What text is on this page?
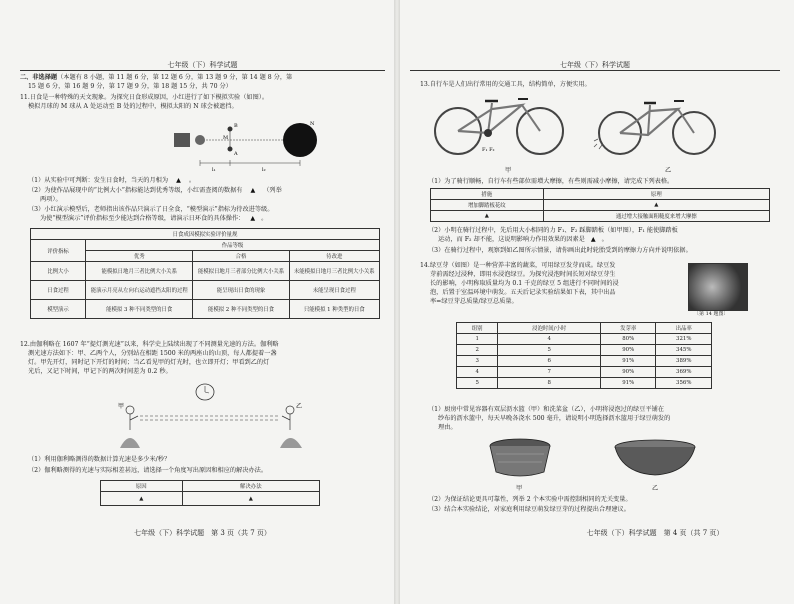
七年级（下）科学试题
二、非选择题（本题有 8 小题，第 11 题 6 分，第 12 题 6 分，第 13 题 9 分，第 14 题 8 分，第
15 题 6 分，第 16 题 9 分，第 17 题 9 分，第 18 题 15 分，共 70 分）
11.日食是一种特殊的天文现象。为探究日食形成原因，小红进行了如下模拟实验（如图）。
模拟月球的 M 球从 A 处运动至 B 处的过程中，模拟太阳的 N 球会被遮挡。
B
M
A
N
l₁	l₂
（1）从实验中可判断：发生日食时，当天的月相为 ▲ 。
（2）为使作品展现中的“比例大小”指标能达到优秀等级，小红需查阅的数据有 ▲ （列举
两项）。
（3）小红演示模型后，老师指出该作品只演示了日全食，“模型演示”指标为待改进等级。
为使“模型演示”评价指标至少能达到合格等级，请演示日环食的具体操作： ▲ 。
日食成因模拟实验评价量规			
评价指标	作品等级		
	优秀	合格	待改进
比例大小	能模拟日地月三者比例大小关系	能模拟日地月三者部分比例大小关系	未能模拟日地月三者比例大小关系
日食过程	能演示月亮从左向右运动遮挡太阳的过程	能呈现出日食的现象	未能呈现日食过程
模型演示	能模拟 3 种不同类型的日食	能模拟 2 种不同类型的日食	只能模拟 1 种类型的日食
12.由伽利略在 1607 年“提灯测光速”以来，科学史上陆续出现了不同测量光速的方法。伽利略
测光速方法如下：甲、乙两个人，分别站在相距 1500 米的两座山的山顶，每人都提着一盏
灯。甲先开灯，同时记下开灯的时间；当乙看见甲的灯光时，也立即开灯；甲看到乙的灯
光后，又记下时间，甲记下的两次时间差为 0.2 秒。
甲	乙
（1）利用伽利略测得的数据计算光速是多少米/秒？
（2）伽利略测得的光速与实际相差甚远，请选择一个角度写出原因和相应的解决办法。
原因	解决办法
▲	▲
七年级（下）科学试题　第 3 页（共 7 页）
七年级（下）科学试题
13.自行车是人们出行常用的交通工具，结构简单，方便实用。
F₁ F₂
甲	乙
（1）为了骑行顺畅，自行车有些部位需增大摩擦，有些则需减小摩擦，请完成下列表格。
措施	原理
增加脚踏板花纹	▲
▲	通过增大接触面粗糙度来增大摩擦
（2）小明在骑行过程中，先后用大小相同的力 F₁、F₂ 踩脚踏板（如甲图），F₁ 能使脚踏板
运动，而 F₂ 却不能，这说明影响力作用效果的因素是 ▲ 。
（3）在骑行过程中，观察到如乙图所示情景，请你画出此时轮胎受到的摩擦力方向并说明依据。
14.绿豆芽（如图）是一种营养丰富的蔬菜，可用绿豆发芽而成。绿豆发
芽前需经过浸种，即用水浸泡绿豆。为探究浸泡时间长短对绿豆芽生
长的影响，小明称取质量均为 0.1 千克的绿豆 5 组进行不同时间的浸
泡，后置于室温环境中萌发。五天后记录实验结果如下表，其中出品
率=绿豆芽总质量/绿豆总质量。
〔第 14 题图〕
组别	浸泡时间/小时	发芽率	出品率
1	4	80%	321%
2	5	90%	345%
3	6	91%	389%
4	7	90%	369%
5	8	91%	356%
（1）厨房中常见容器有双层沥水篮（甲）和洗菜盆（乙），小明将浸泡过的绿豆平铺在
纱布的沥水篮中，每天早晚各浇水 500 毫升，请说明小明选择沥水篮用于绿豆萌发的
理由。
甲	乙
（2）为保证结论更具可靠性，列举 2 个本实验中需控制相同的无关变量。
（3）结合本实验结论，对家庭利用绿豆萌发绿豆芽的过程提出合理建议。
七年级（下）科学试题　第 4 页（共 7 页）
